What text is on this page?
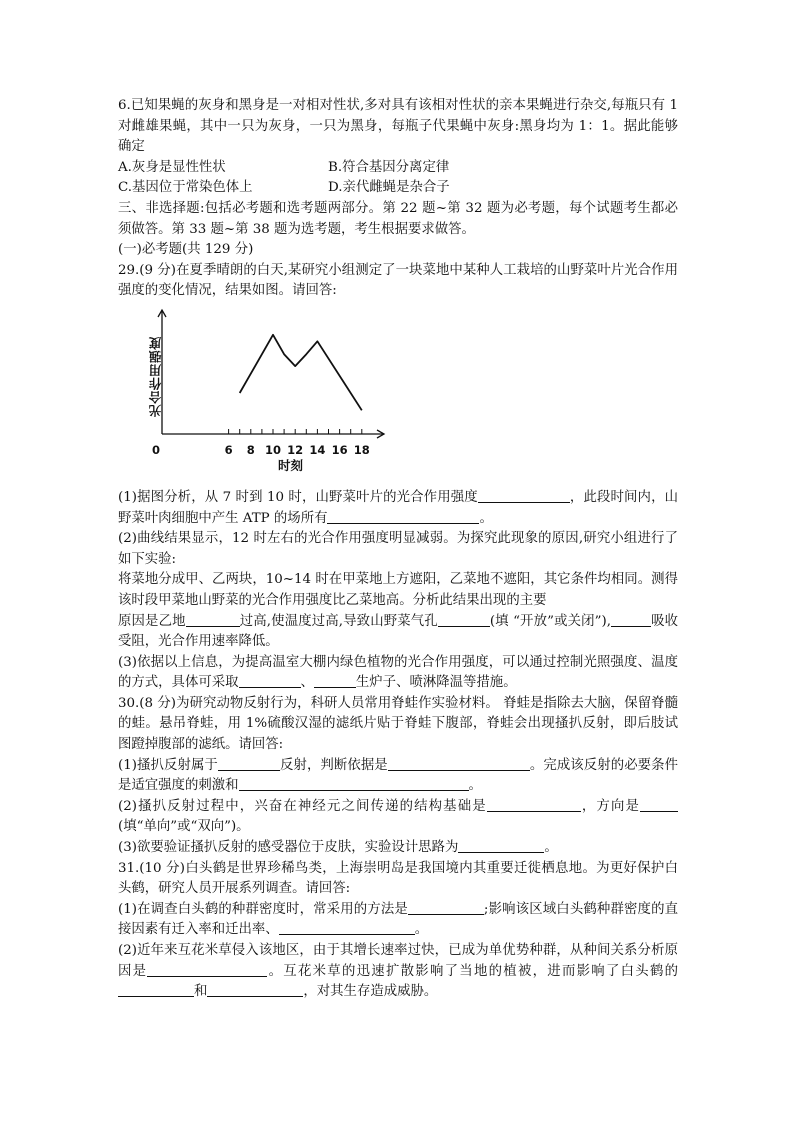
6.已知果蝇的灰身和黑身是一对相对性状,多对具有该相对性状的亲本果蝇进行杂交,每瓶只有 1 对雌雄果蝇，其中一只为灰身，一只为黑身，每瓶子代果蝇中灰身:黑身均为 1：1。据此能够确定

A.灰身是显性性状	B.符合基因分离定律
C.基因位于常染色体上	D.亲代雌蝇是杂合子

三、非选择题:包括必考题和选考题两部分。第 22 题~第 32 题为必考题，每个试题考生都必须做答。第 33 题~第 38 题为选考题，考生根据要求做答。

(一)必考题(共 129 分)

29.(9 分)在夏季晴朗的白天,某研究小组测定了一块菜地中某种人工栽培的山野菜叶片光合作用强度的变化情况，结果如图。请回答:

光合作用强度
0	6 8 10 12 14 16 18
时刻

(1)据图分析，从 7 时到 10 时，山野菜叶片的光合作用强度	，此段时间内，山野菜叶肉细胞中产生 ATP 的场所有	。

(2)曲线结果显示，12 时左右的光合作用强度明显减弱。为探究此现象的原因,研究小组进行了如下实验:

将菜地分成甲、乙两块，10~14 时在甲菜地上方遮阳，乙菜地不遮阳，其它条件均相同。测得该时段甲菜地山野菜的光合作用强度比乙菜地高。分析此结果出现的主要

原因是乙地	过高,使温度过高,导致山野菜气孔	(填 “开放”或关闭”),	吸收受阻，光合作用速率降低。

(3)依据以上信息，为提高温室大棚内绿色植物的光合作用强度，可以通过控制光照强度、温度的方式，具体可采取	、	生炉子、喷淋降温等措施。

30.(8 分)为研究动物反射行为，科研人员常用脊蛙作实验材料。 脊蛙是指除去大脑，保留脊髓的蛙。悬吊脊蛙，用 1%硫酸汉湿的滤纸片贴于脊蛙下腹部，脊蛙会出现搔扒反射，即后肢试图蹬掉腹部的滤纸。请回答:

(1)搔扒反射属于	反射，判断依据是	。完成该反射的必要条件是适宜强度的刺激和	。

(2)搔扒反射过程中，兴奋在神经元之间传递的结构基础是	，方向是(填“单向”或“双向”)。

(3)欲要验证搔扒反射的感受器位于皮肤，实验设计思路为	。

31.(10 分)白头鹤是世界珍稀鸟类，上海崇明岛是我国境内其重要迁徙栖息地。为更好保护白头鹤，研究人员开展系列调查。请回答:

(1)在调查白头鹤的种群密度时，常采用的方法是	;影响该区域白头鹤种群密度的直接因素有迁入率和迁出率、	。

(2)近年来互花米草侵入该地区，由于其增长速率过快，已成为单优势种群，从种间关系分析原因是	。互花米草的迅速扩散影响了当地的植被，进而影响了白头鹤的和	，对其生存造成威胁。
